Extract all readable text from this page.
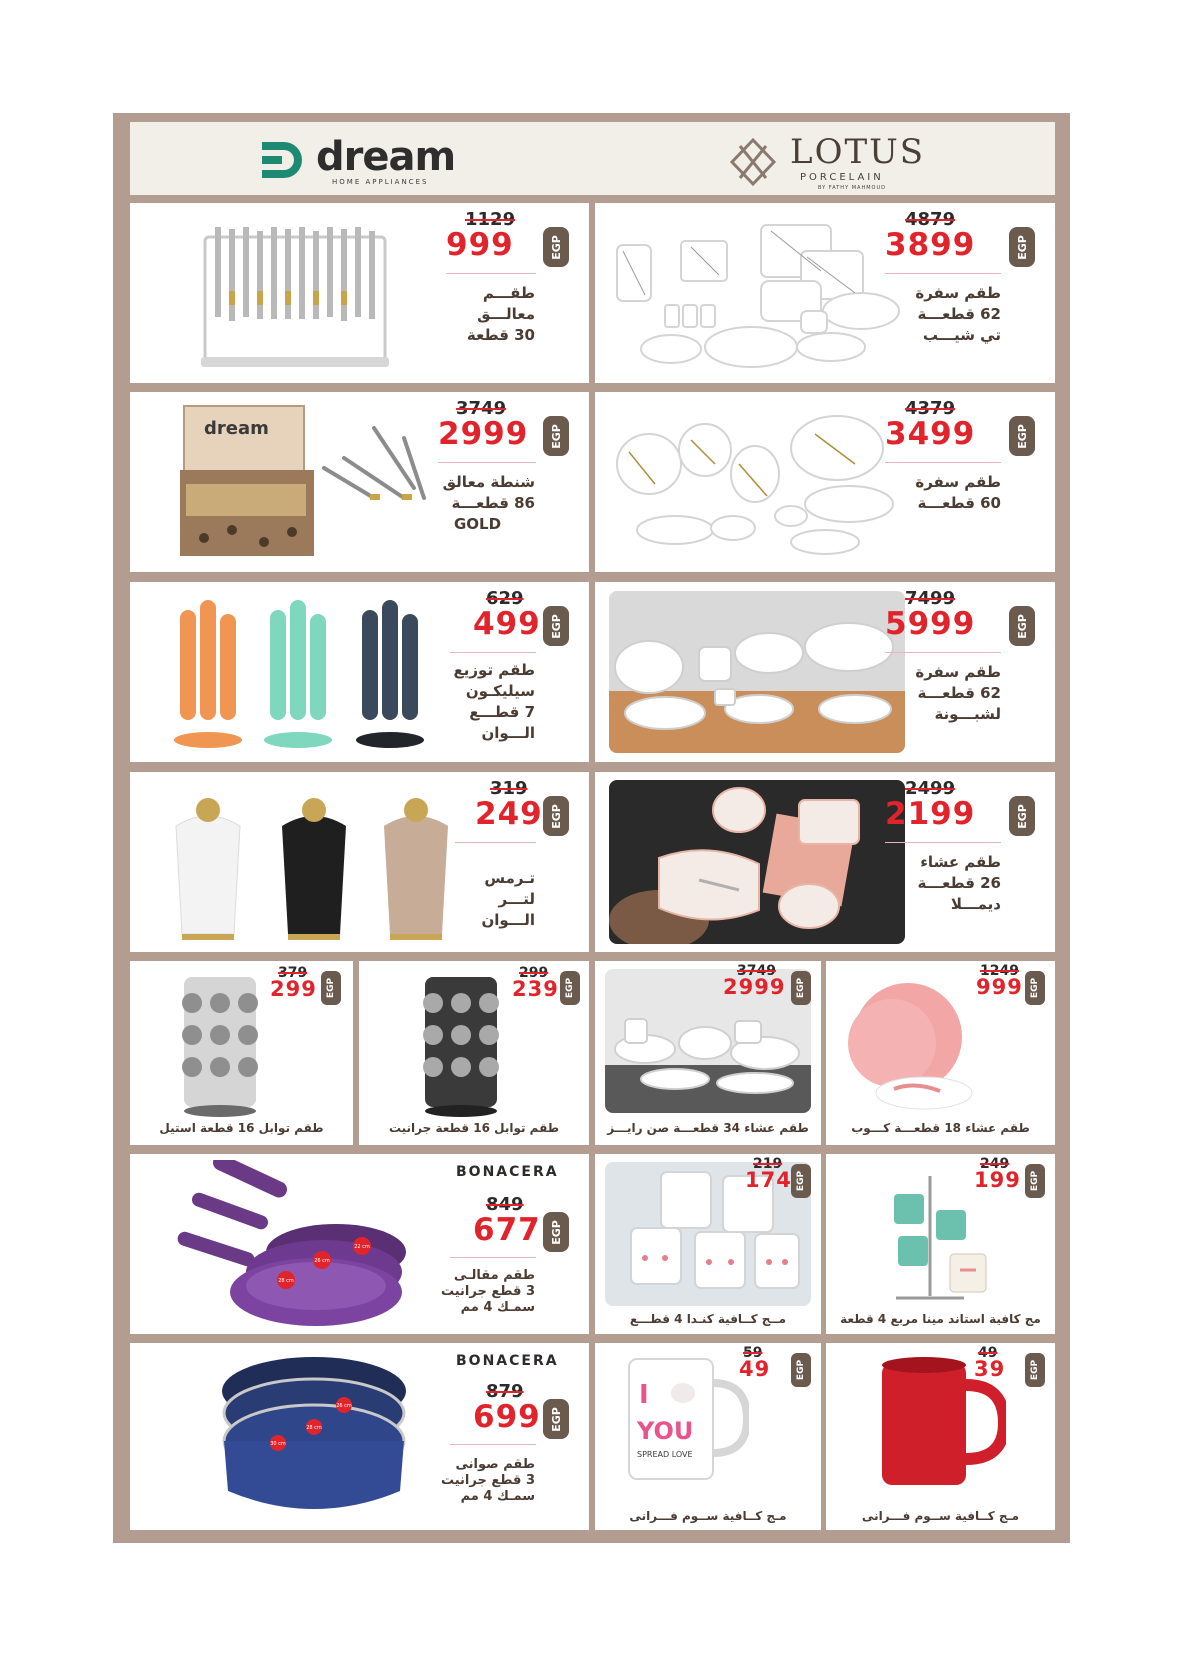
dream
HOME APPLIANCES
LOTUS
PORCELAIN
BY FATHY MAHMOUD
EGP
1129
999
طقـــم
معالـــق
30 قطعة
EGP
4879
3899
طقم سفرة
62 قطعـــة
تي شيـــب
dream	EGP
3749
2999
شنطة معالق
86 قطعـــة
GOLD
EGP
4379
3499
طقم سفرة
60 قطعـــة
EGP
629
499
طقم توزيع
سيليكـون
7 قطـــع
الـــوان
EGP
7499
5999
طقم سفرة
62 قطعـــة
لشبـــونة
EGP
319
249
تـرمس
لتـــر
الـــوان
EGP
2499
2199
طقم عشاء
26 قطعـــة
ديمـــلا
EGP
379
299
طقم توابل 16 قطعة استيل
EGP
299
239
طقم توابل 16 قطعة جرانيت
EGP
3749
2999
طقم عشاء 34 قطعـــة صن رايـــز
EGP
1249
999
طقم عشاء 18 قطعـــة كـــوب
22 cm
26 cm
28 cm
BONACERA
EGP
849
677
طقم مقالـى
3 قطع جرانيت
سمـك 4 مم
EGP
219
174
مــج كــافية كنـدا 4 قطـــع
EGP
249
199
مج كافية استاند مينا مربع 4 قطعة
26 cm
28 cm
30 cm
BONACERA
EGP
879
699
طقم صوانى
3 قطع جرانيت
سمـك 4 مم
I
YOU
SPREAD LOVE
EGP
59
49
مـج كــافية ســوم فـــرانى
EGP
49
39
مـج كــافية ســوم فـــرانى
